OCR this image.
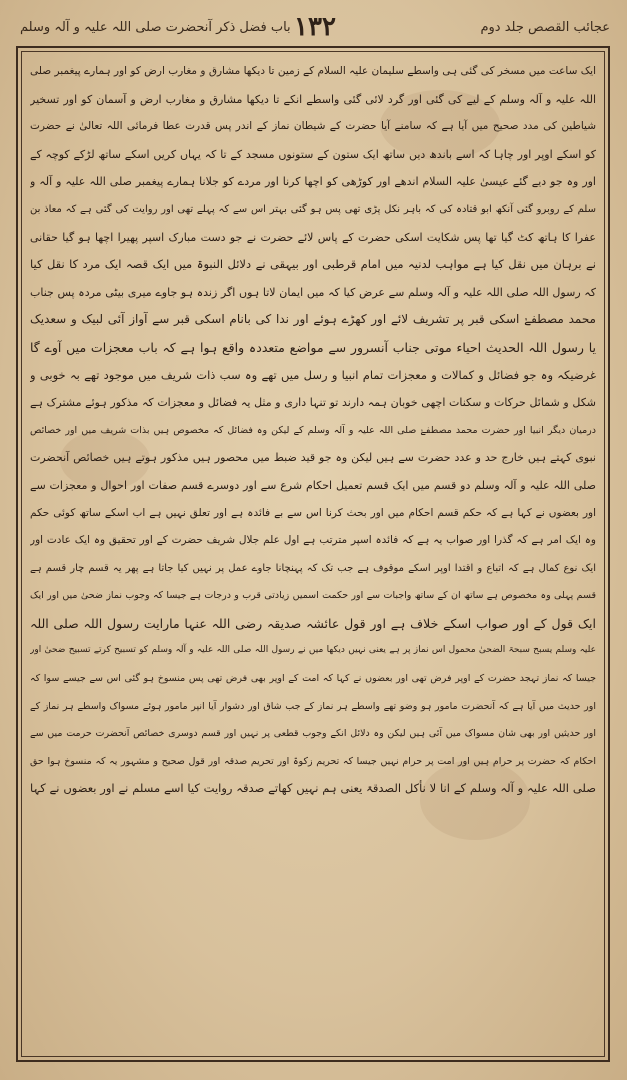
عجائب القصص جلد دوم
۱۳۲
باب فضل ذکر آنحضرت صلی اللہ علیہ و آلہ وسلم
ایک ساعت میں مسخر کی گئی ہی واسطے سلیمان علیہ السلام کے زمین تا دیکھا مشارق و مغارب ارض کو اور ہمارے پیغمبر صلی
اللہ علیہ و آلہ وسلم کے لیے کی گئی اور گرد لائی گئی واسطے انکے تا دیکھا مشارق و مغارب ارض و آسمان کو اور تسخیر
شیاطین کی مدد صحیح میں آیا ہے کہ سامنے آیا حضرت کے شیطان نماز کے اندر پس قدرت عطا فرمائی اللہ تعالیٰ نے حضرت
کو اسکے اوپر اور چاہا کہ اسے باندھ دیں ساتھ ایک ستون کے ستونوں مسجد کے تا کہ یہاں کریں اسکے ساتھ لڑکے کوچہ کے
اور وہ جو دیے گئے عیسیٰ علیہ السلام اندھے اور کوڑھی کو اچھا کرنا اور مردے کو جلانا ہمارے پیغمبر صلی اللہ علیہ و آلہ و
سلم کے روبرو گئی آنکھ ابو قتادہ کی کہ باہر نکل پڑی تھی پس ہو گئی بہتر اس سے کہ پہلے تھی اور روایت کی گئی ہے کہ معاذ بن
عفرا کا ہاتھ کٹ گیا تھا پس شکایت اسکی حضرت کے پاس لائے حضرت نے جو دست مبارک اسپر پھیرا اچھا ہو گیا حقانی
نے برہان میں نقل کیا ہے مواہب لدنیہ میں امام قرطبی اور بیہقی نے دلائل النبوۃ میں ایک قصہ ایک مرد کا نقل کیا
کہ رسول اللہ صلی اللہ علیہ و آلہ وسلم سے عرض کیا کہ میں ایمان لاتا ہوں اگر زندہ ہو جاوے میری بیٹی مردہ پس جناب
محمد مصطفےٰ اسکی قبر پر تشریف لائے اور کھڑے ہوئے اور ندا کی بانام اسکی قبر سے آواز آئی لبیک و سعدیک
یا رسول اللہ الحدیث احیاء موتی جناب آنسرور سے مواضع متعددہ واقع ہوا ہے کہ باب معجزات میں آوے گا
غرضیکہ وہ جو فضائل و کمالات و معجزات تمام انبیا و رسل میں تھے وہ سب ذات شریف میں موجود تھے بہ خوبی و
شکل و شمائل حرکات و سکنات اچھی خوبان ہمہ دارند تو تنہا داری و مثل یہ فضائل و معجزات کہ مذکور ہوئے مشترک ہے
درمیان دیگر انبیا اور حضرت محمد مصطفےٰ صلی اللہ علیہ و آلہ وسلم کے لیکن وہ فضائل کہ مخصوص ہیں بذات شریف میں اور خصائص
نبوی کہتے ہیں خارج حد و عدد حضرت سے ہیں لیکن وہ جو قید ضبط میں محصور ہیں مذکور ہوتے ہیں خصائص آنحضرت
صلی اللہ علیہ و آلہ وسلم دو قسم میں ایک قسم تعمیل احکام شرع سے اور دوسرے قسم صفات اور احوال و معجزات سے
اور بعضوں نے کہا ہے کہ حکم قسم احکام میں اور بحث کرنا اس سے بے فائدہ ہے اور تعلق نہیں ہے اب اسکے ساتھ کوئی حکم
وہ ایک امر ہے کہ گذرا اور صواب یہ ہے کہ فائدہ اسپر مترتب ہے اول علم جلال شریف حضرت کے اور تحقیق وہ ایک عادت اور
ایک نوع کمال ہے کہ اتباع و اقتدا اوپر اسکے موقوف ہے جب تک کہ پہنچانا جاوے عمل پر نہیں کیا جاتا ہے پھر یہ قسم چار قسم ہے
قسم پہلی وہ مخصوص ہے ساتھ ان کے ساتھ واجبات سے اور حکمت اسمیں زیادتی قرب و درجات ہے جیسا کہ وجوب نماز ضحیٰ میں اور ایک
ایک قول کے اور صواب اسکے خلاف ہے اور قول عائشہ صدیقہ رضی اللہ عنہا مارایت رسول اللہ صلی اللہ
علیہ وسلم یسبح سبحۃ الضحیٰ محمول اس نماز پر ہے یعنی نہیں دیکھا میں نے رسول اللہ صلی اللہ علیہ و آلہ وسلم کو تسبیح کرتے تسبیح ضحیٰ اور
جیسا کہ نماز تہجد حضرت کے اوپر فرض تھی اور بعضوں نے کہا کہ امت کے اوپر بھی فرض تھی پس منسوخ ہو گئی اس سے جیسے سوا کہ
اور حدیث میں آیا ہے کہ آنحضرت مامور ہو وضو تھے واسطے ہر نماز کے جب شاق اور دشوار آیا انپر مامور ہوئے مسواک واسطے ہر نماز کے
اور حدیثیں اور بھی شان مسواک میں آئی ہیں لیکن وہ دلائل انکے وجوب قطعی پر نہیں اور قسم دوسری خصائص آنحضرت حرمت میں سے
احکام کہ حضرت پر حرام ہیں اور امت پر حرام نہیں جیسا کہ تحریم زکوۃ اور تحریم صدقہ اور قول صحیح و مشہور یہ کہ منسوخ ہوا حق
صلی اللہ علیہ و آلہ وسلم کے انا لا نأکل الصدقۃ یعنی ہم نہیں کھاتے صدقہ روایت کیا اسے مسلم نے اور بعضوں نے کہا
